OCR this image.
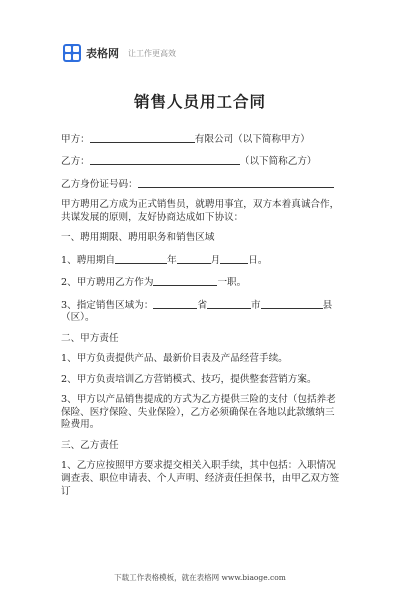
表格网 让工作更高效
销售人员用工合同

甲方：	有限公司（以下简称甲方）

乙方：	（以下简称乙方）

乙方身份证号码：

甲方聘用乙方成为正式销售员，就聘用事宜，双方本着真诚合作，共谋发展的原则，友好协商达成如下协议：

一、聘用期限、聘用职务和销售区域

1、聘用期自	年	月	日。

2、甲方聘用乙方作为	一职。

3、指定销售区域为：	省	市	县
（区）。

二、甲方责任

1、甲方负责提供产品、最新价目表及产品经营手续。

2、甲方负责培训乙方营销模式、技巧，提供整套营销方案。

3、甲方以产品销售提成的方式为乙方提供三险的支付（包括养老保险、医疗保险、失业保险），乙方必须确保在各地以此款缴纳三险费用。

三、乙方责任

1、乙方应按照甲方要求提交相关入职手续，其中包括：入职情况调查表、职位申请表、个人声明、经济责任担保书，由甲乙双方签订

下载工作表格模板，就在表格网 www.biaoge.com
